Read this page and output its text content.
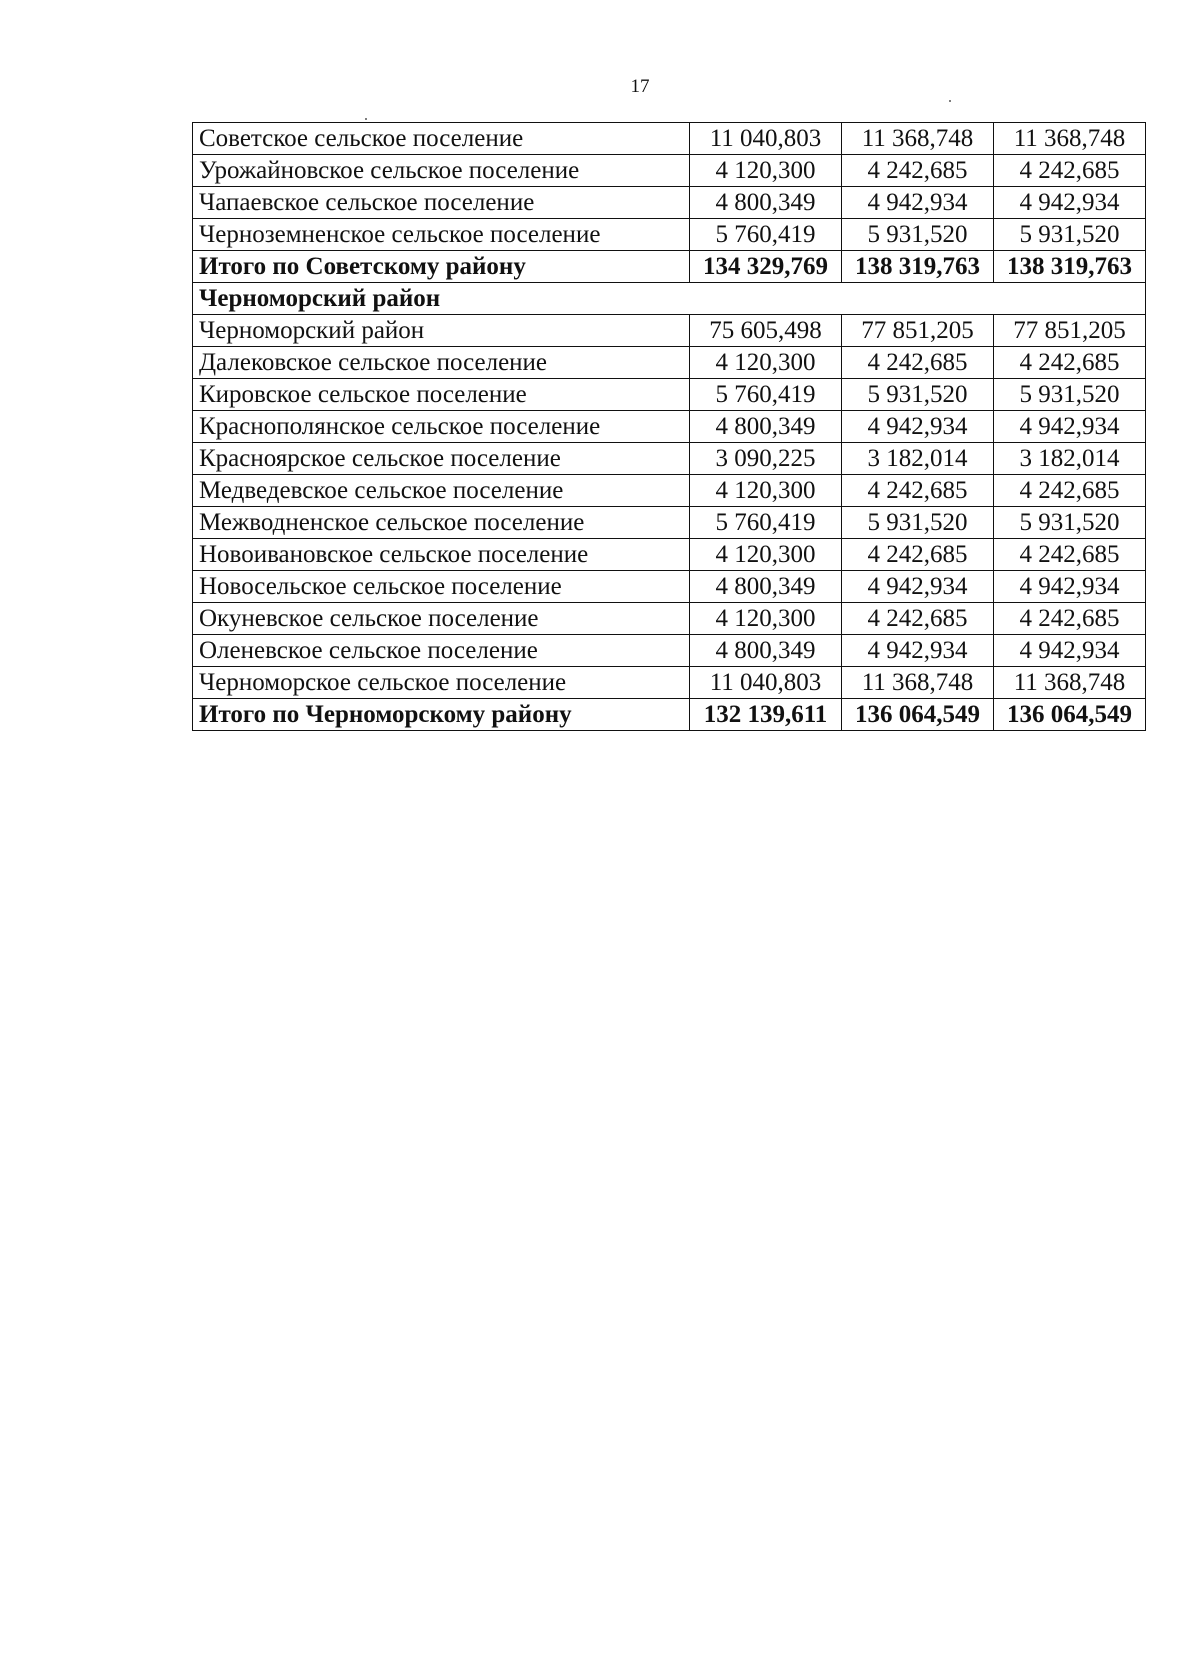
17
Советское сельское поселение	11 040,803	11 368,748	11 368,748
Урожайновское сельское поселение	4 120,300	4 242,685	4 242,685
Чапаевское сельское поселение	4 800,349	4 942,934	4 942,934
Черноземненское сельское поселение	5 760,419	5 931,520	5 931,520
Итого по Советскому району	134 329,769	138 319,763	138 319,763
Черноморский район			
Черноморский район	75 605,498	77 851,205	77 851,205
Далековское сельское поселение	4 120,300	4 242,685	4 242,685
Кировское сельское поселение	5 760,419	5 931,520	5 931,520
Краснополянское сельское поселение	4 800,349	4 942,934	4 942,934
Красноярское сельское поселение	3 090,225	3 182,014	3 182,014
Медведевское сельское поселение	4 120,300	4 242,685	4 242,685
Межводненское сельское поселение	5 760,419	5 931,520	5 931,520
Новоивановское сельское поселение	4 120,300	4 242,685	4 242,685
Новосельское сельское поселение	4 800,349	4 942,934	4 942,934
Окуневское сельское поселение	4 120,300	4 242,685	4 242,685
Оленевское сельское поселение	4 800,349	4 942,934	4 942,934
Черноморское сельское поселение	11 040,803	11 368,748	11 368,748
Итого по Черноморскому району	132 139,611	136 064,549	136 064,549
